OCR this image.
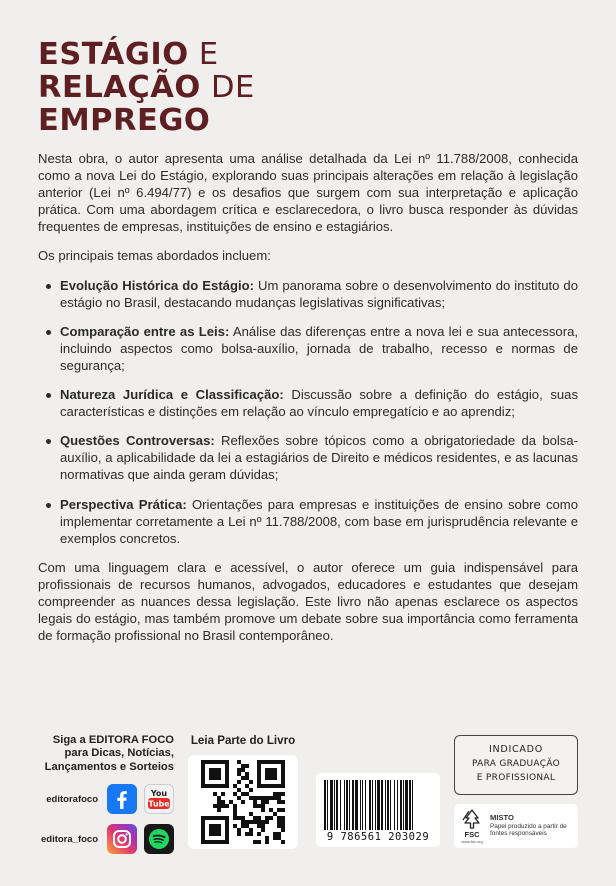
ESTÁGIO E
RELAÇÃO DE
EMPREGO

Nesta obra, o autor apresenta uma análise detalhada da Lei nº 11.788/2008, conhecida como a nova Lei do Estágio, explorando suas principais alterações em relação à legislação anterior (Lei nº 6.494/77) e os desafios que surgem com sua interpretação e aplicação prática. Com uma abordagem crítica e esclarecedora, o livro busca responder às dúvidas frequentes de empresas, instituições de ensino e estagiários.

Os principais temas abordados incluem:

Evolução Histórica do Estágio: Um panorama sobre o desenvolvimento do instituto do estágio no Brasil, destacando mudanças legislativas significativas;
Comparação entre as Leis: Análise das diferenças entre a nova lei e sua antecessora, incluindo aspectos como bolsa-auxílio, jornada de trabalho, recesso e normas de segurança;
Natureza Jurídica e Classificação: Discussão sobre a definição do estágio, suas características e distinções em relação ao vínculo empregatício e ao aprendiz;
Questões Controversas: Reflexões sobre tópicos como a obrigatoriedade da bolsa-auxílio, a aplicabilidade da lei a estagiários de Direito e médicos residentes, e as lacunas normativas que ainda geram dúvidas;
Perspectiva Prática: Orientações para empresas e instituições de ensino sobre como implementar corretamente a Lei nº 11.788/2008, com base em jurisprudência relevante e exemplos concretos.

Com uma linguagem clara e acessível, o autor oferece um guia indispensável para profissionais de recursos humanos, advogados, educadores e estudantes que desejam compreender as nuances dessa legislação. Este livro não apenas esclarece os aspectos legais do estágio, mas também promove um debate sobre sua importância como ferramenta de formação profissional no Brasil contemporâneo.

Siga a EDITORA FOCO para Dicas, Notícias, Lançamentos e Sorteios
editorafoco	You
Tube
editora_foco
Leia Parte do Livro
9 786561 203029
INDICADO
PARA GRADUAÇÃO
E PROFISSIONAL
FSC
www.fsc.org
MISTO
Papel produzido a partir de fontes responsáveis
